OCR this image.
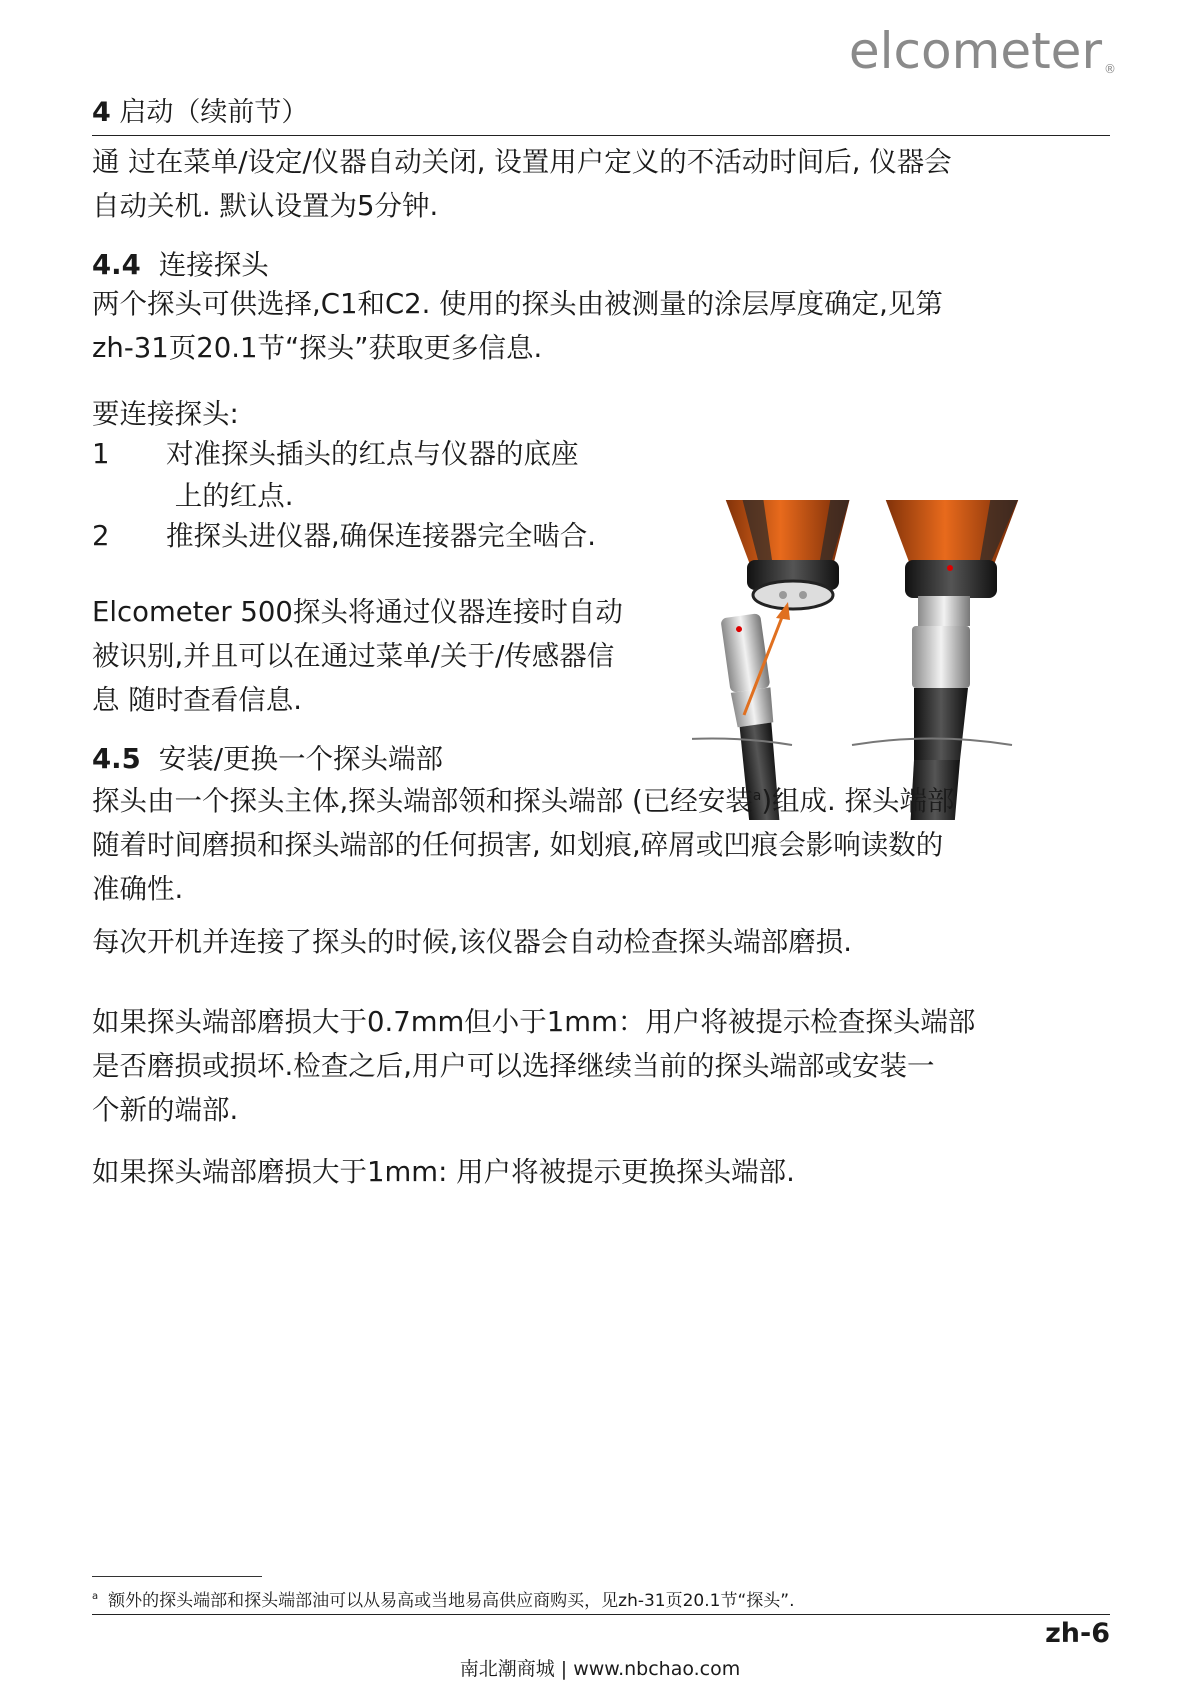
elcometer ®
4 启动（续前节）

通 过在菜单/设定/仪器自动关闭, 设置用户定义的不活动时间后, 仪器会
自动关机. 默认设置为5分钟.

4.4 连接探头

两个探头可供选择,C1和C2. 使用的探头由被测量的涂层厚度确定,见第
zh-31页20.1节“探头”获取更多信息.

要连接探头:

1 对准探头插头的红点与仪器的底座
上的红点.
2 推探头进仪器,确保连接器完全啮合.

Elcometer 500探头将通过仪器连接时自动
被识别,并且可以在通过菜单/关于/传感器信
息 随时查看信息.

4.5 安装/更换一个探头端部

探头由一个探头主体,探头端部领和探头端部 (已经安装$^a$)组成. 探头端部
随着时间磨损和探头端部的任何损害, 如划痕,碎屑或凹痕会影响读数的
准确性.

每次开机并连接了探头的时候,该仪器会自动检查探头端部磨损.

如果探头端部磨损大于0.7mm但小于1mm：用户将被提示检查探头端部
是否磨损或损坏.检查之后,用户可以选择继续当前的探头端部或安装一
个新的端部.

如果探头端部磨损大于1mm: 用户将被提示更换探头端部.

$^a$ 额外的探头端部和探头端部油可以从易高或当地易高供应商购买，见zh-31页20.1节“探头”.
zh-6
南北潮商城 | www.nbchao.com
